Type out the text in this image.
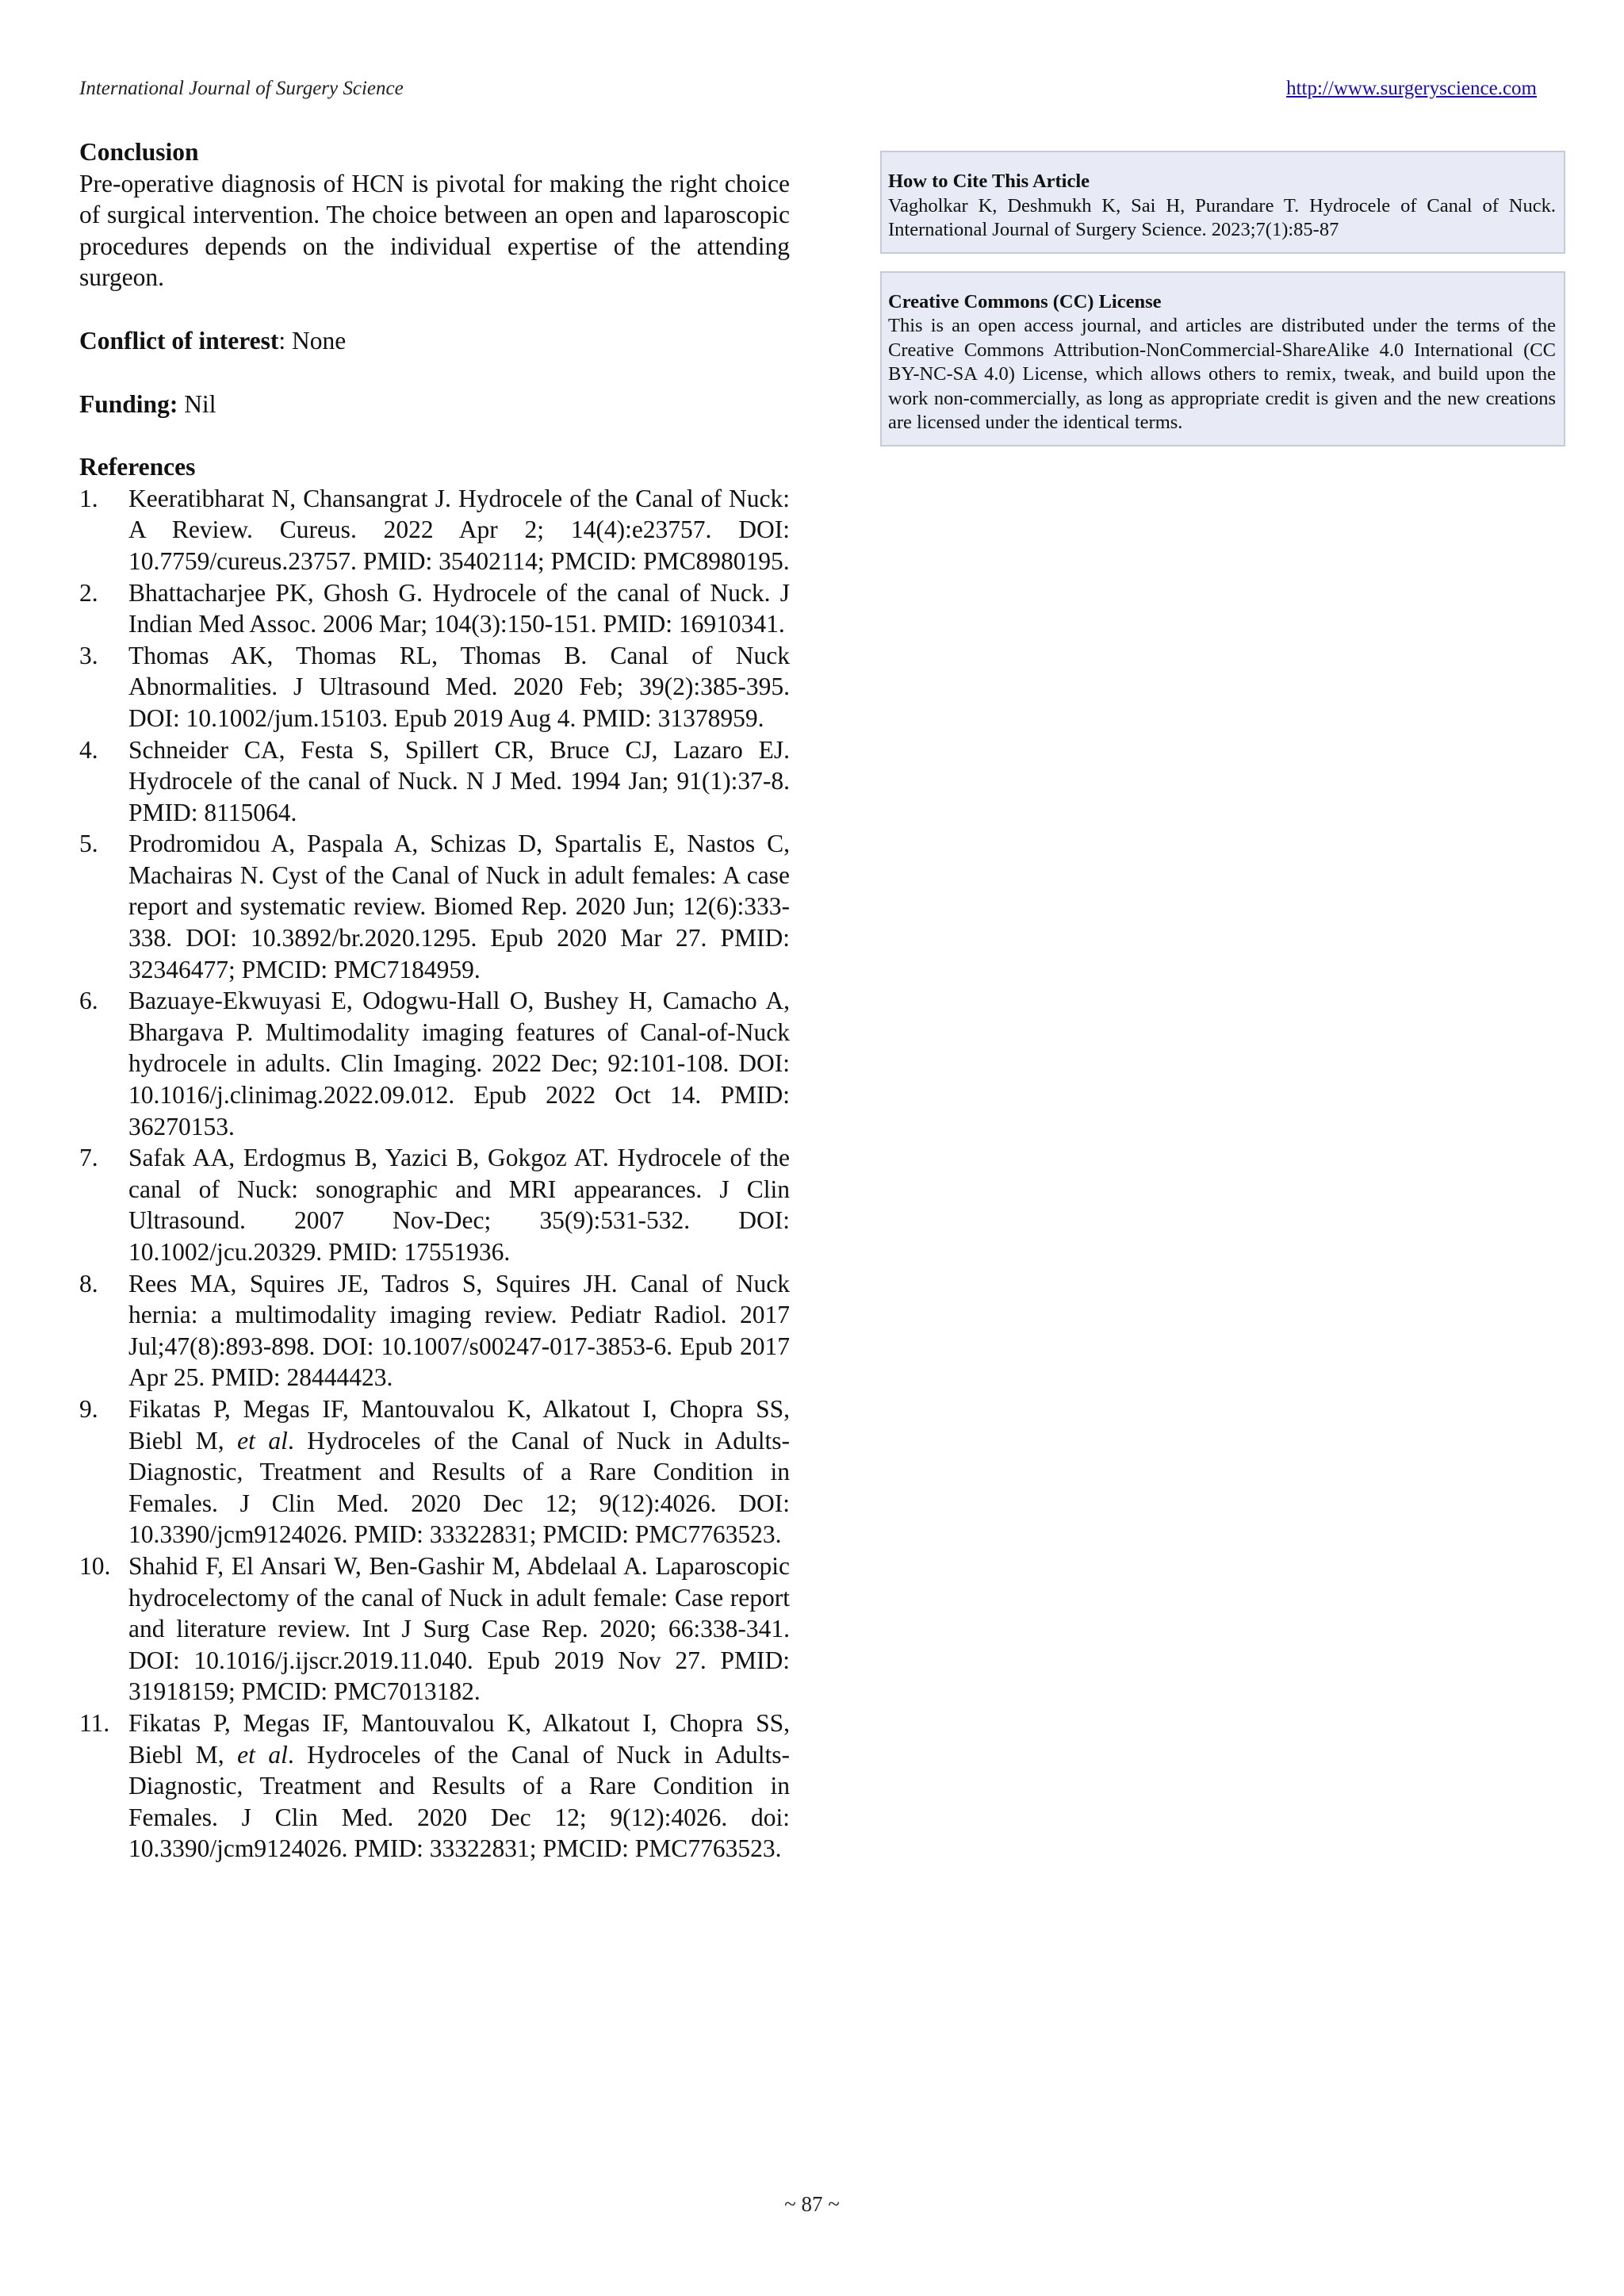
International Journal of Surgery Science	http://www.surgeryscience.com

Conclusion

Pre-operative diagnosis of HCN is pivotal for making the right choice of surgical intervention. The choice between an open and laparoscopic procedures depends on the individual expertise of the attending surgeon.

Conflict of interest: None

Funding: Nil

References

1. Keeratibharat N, Chansangrat J. Hydrocele of the Canal of Nuck: A Review. Cureus. 2022 Apr 2; 14(4):e23757. DOI: 10.7759/cureus.23757. PMID: 35402114; PMCID: PMC8980195.
2. Bhattacharjee PK, Ghosh G. Hydrocele of the canal of Nuck. J Indian Med Assoc. 2006 Mar; 104(3):150-151. PMID: 16910341.
3. Thomas AK, Thomas RL, Thomas B. Canal of Nuck Abnormalities. J Ultrasound Med. 2020 Feb; 39(2):385-395. DOI: 10.1002/jum.15103. Epub 2019 Aug 4. PMID: 31378959.
4. Schneider CA, Festa S, Spillert CR, Bruce CJ, Lazaro EJ. Hydrocele of the canal of Nuck. N J Med. 1994 Jan; 91(1):37-8. PMID: 8115064.
5. Prodromidou A, Paspala A, Schizas D, Spartalis E, Nastos C, Machairas N. Cyst of the Canal of Nuck in adult females: A case report and systematic review. Biomed Rep. 2020 Jun; 12(6):333-338. DOI: 10.3892/br.2020.1295. Epub 2020 Mar 27. PMID: 32346477; PMCID: PMC7184959.
6. Bazuaye-Ekwuyasi E, Odogwu-Hall O, Bushey H, Camacho A, Bhargava P. Multimodality imaging features of Canal-of-Nuck hydrocele in adults. Clin Imaging. 2022 Dec; 92:101-108. DOI: 10.1016/j.clinimag.2022.09.012. Epub 2022 Oct 14. PMID: 36270153.
7. Safak AA, Erdogmus B, Yazici B, Gokgoz AT. Hydrocele of the canal of Nuck: sonographic and MRI appearances. J Clin Ultrasound. 2007 Nov-Dec; 35(9):531-532. DOI: 10.1002/jcu.20329. PMID: 17551936.
8. Rees MA, Squires JE, Tadros S, Squires JH. Canal of Nuck hernia: a multimodality imaging review. Pediatr Radiol. 2017 Jul;47(8):893-898. DOI: 10.1007/s00247-017-3853-6. Epub 2017 Apr 25. PMID: 28444423.
9. Fikatas P, Megas IF, Mantouvalou K, Alkatout I, Chopra SS, Biebl M, et al. Hydroceles of the Canal of Nuck in Adults-Diagnostic, Treatment and Results of a Rare Condition in Females. J Clin Med. 2020 Dec 12; 9(12):4026. DOI: 10.3390/jcm9124026. PMID: 33322831; PMCID: PMC7763523.
10. Shahid F, El Ansari W, Ben-Gashir M, Abdelaal A. Laparoscopic hydrocelectomy of the canal of Nuck in adult female: Case report and literature review. Int J Surg Case Rep. 2020; 66:338-341. DOI: 10.1016/j.ijscr.2019.11.040. Epub 2019 Nov 27. PMID: 31918159; PMCID: PMC7013182.
11. Fikatas P, Megas IF, Mantouvalou K, Alkatout I, Chopra SS, Biebl M, et al. Hydroceles of the Canal of Nuck in Adults-Diagnostic, Treatment and Results of a Rare Condition in Females. J Clin Med. 2020 Dec 12; 9(12):4026. doi: 10.3390/jcm9124026. PMID: 33322831; PMCID: PMC7763523.
How to Cite This Article
Vagholkar K, Deshmukh K, Sai H, Purandare T. Hydrocele of Canal of Nuck. International Journal of Surgery Science. 2023;7(1):85-87
Creative Commons (CC) License
This is an open access journal, and articles are distributed under the terms of the Creative Commons Attribution-NonCommercial-ShareAlike 4.0 International (CC BY-NC-SA 4.0) License, which allows others to remix, tweak, and build upon the work non-commercially, as long as appropriate credit is given and the new creations are licensed under the identical terms.
~ 87 ~
